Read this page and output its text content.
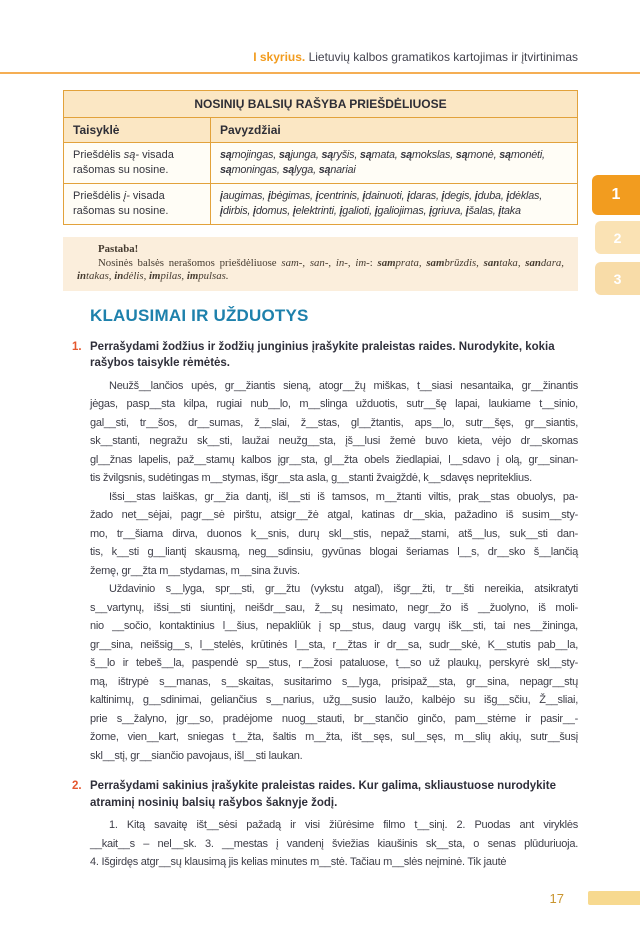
I skyrius. Lietuvių kalbos gramatikos kartojimas ir įtvirtinimas
NOSINIŲ BALSIŲ RAŠYBA PRIEŠDĖLIUOSE	
Taisyklė	Pavyzdžiai
Priešdėlis są- visada rašomas su nosine.	sąmojingas, sąjunga, sąryšis, sąmata, sąmokslas, sąmonė, sąmonėti, sąmoningas, sąlyga, sąnariai
Priešdėlis į- visada rašomas su nosine.	įaugimas, įbėgimas, įcentrinis, įdainuoti, įdaras, įdegis, įduba, įdėklas, įdirbis, įdomus, įelektrinti, įgalioti, įgaliojimas, įgriuva, įšalas, įtaka
Pastaba!

Nosinės balsės nerašomos priešdėliuose sam-, san-, in-, im-: samprata, sambrūzdis, santaka, sandara, intakas, indėlis, impilas, impulsas.

KLAUSIMAI IR UŽDUOTYS
1. Perrašydami žodžius ir žodžių junginius įrašykite praleistas raides. Nurodykite, kokia rašybos taisykle rėmėtės.
Neužš__lančios upės, gr__žiantis sieną, atogr__žų miškas, t__siasi nesantaika, gr__žinantis
jėgas, pasp__sta kilpa, rugiai nub__lo, m__slinga užduotis, sutr__šę lapai, laukiame t__sinio,
gal__sti, tr__šos, dr__sumas, ž__slai, ž__stas, gl__žtantis, aps__lo, sutr__šęs, gr__siantis,
sk__stanti, negražu sk__sti, laužai neužg__sta, įš__lusi žemė buvo kieta, vėjo dr__skomas
gl__žnas lapelis, paž__stamų kalbos įgr__sta, gl__žta obels žiedlapiai, l__sdavo į olą, gr__sinan-
tis žvilgsnis, sudėtingas m__stymas, išgr__sta asla, g__stanti žvaigždė, k__sdavęs nepriteklius.
Išsi__stas laiškas, gr__žia dantį, išl__sti iš tamsos, m__žtanti viltis, prak__stas obuolys, pa-
žado net__sėjai, pagr__sė pirštu, atsigr__žė atgal, katinas dr__skia, pažadino iš susim__sty-
mo, tr__šiama dirva, duonos k__snis, durų skl__stis, nepaž__stami, atš__lus, suk__sti dan-
tis, k__sti g__liantį skausmą, neg__sdinsiu, gyvūnas blogai šeriamas l__s, dr__sko š__lančią
žemę, gr__žta m__stydamas, m__sina žuvis.
Uždavinio s__lyga, spr__sti, gr__žtu (vykstu atgal), išgr__žti, tr__šti nereikia, atsikratyti
s__vartynų, išsi__sti siuntinį, neišdr__sau, ž__sų nesimato, negr__žo iš __žuolyno, iš moli-
nio __sočio, kontaktinius l__šius, nepakliūk į sp__stus, daug vargų išk__sti, tai nes__žininga,
gr__sina, neišsig__s, l__stelės, krūtinės l__sta, r__žtas ir dr__sa, sudr__skė, K__stutis pab__la,
š__lo ir tebeš__la, paspendė sp__stus, r__žosi pataluose, t__so už plaukų, perskyrė skl__sty-
mą, ištrypė s__manas, s__skaitas, susitarimo s__lyga, prisipaž__sta, gr__sina, nepagr__stų
kaltinimų, g__sdinimai, geliančius s__narius, užg__susio laužo, kalbėjo su išg__sčiu, Ž__sliai,
prie s__žalyno, įgr__so, pradėjome nuog__stauti, br__stančio ginčo, pam__stėme ir pasir__-
žome, vien__kart, sniegas t__žta, šaltis m__žta, išt__sęs, sul__sęs, m__slių akių, sutr__šusį
skl__stį, gr__siančio pavojaus, išl__sti laukan.
2. Perrašydami sakinius įrašykite praleistas raides. Kur galima, skliaustuose nurodykite atraminį nosinių balsių rašybos šaknyje žodį.
1. Kitą savaitę išt__sėsi pažadą ir visi žiūrėsime filmo t__sinį. 2. Puodas ant viryklės
__kait__s – nel__sk. 3. __mestas į vandenį šviežias kiaušinis sk__sta, o senas plūduriuoja.
4. Išgirdęs atgr__sų klausimą jis kelias minutes m__stė. Tačiau m__slės neįminė. Tik jautė
1
2
3
17
